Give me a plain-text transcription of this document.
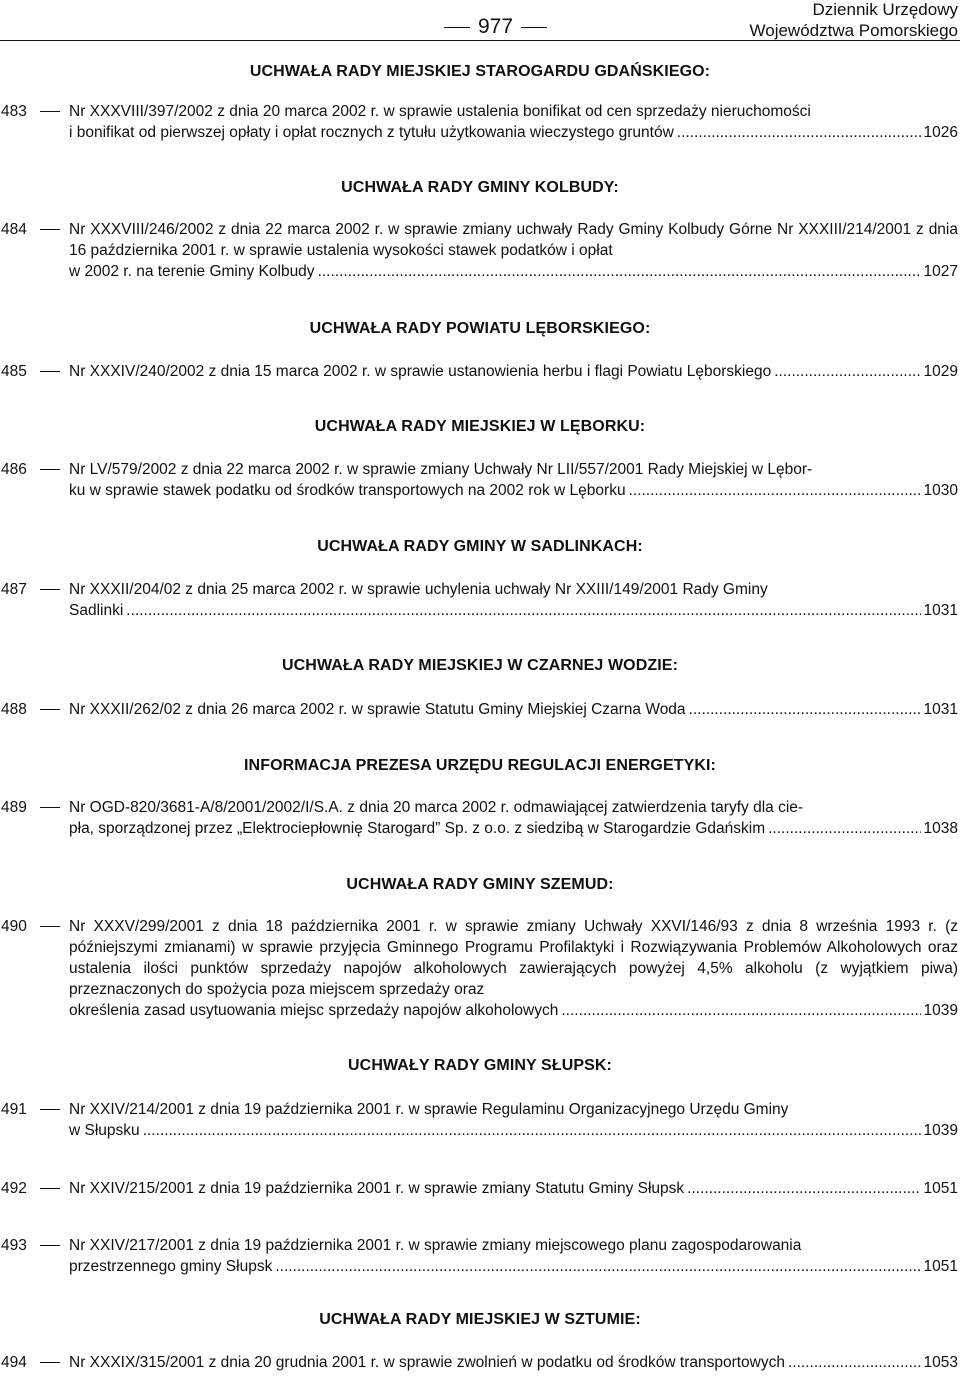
977
Dziennik Urzędowy
Województwa Pomorskiego
UCHWAŁA RADY MIEJSKIEJ STAROGARDU GDAŃSKIEGO:
483	Nr XXXVIII/397/2002 z dnia 20 marca 2002 r. w sprawie ustalenia bonifikat od cen sprzedaży nieruchomości
i bonifikat od pierwszej opłaty i opłat rocznych z tytułu użytkowania wieczystego gruntów .....	1026
UCHWAŁA RADY GMINY KOLBUDY:
484	Nr XXXVIII/246/2002 z dnia 22 marca 2002 r. w sprawie zmiany uchwały Rady Gminy Kolbudy Górne Nr XXXIII/214/2001 z dnia 16 października 2001 r. w sprawie ustalenia wysokości stawek podatków i opłat
w 2002 r. na terenie Gminy Kolbudy .....	1027
UCHWAŁA RADY POWIATU LĘBORSKIEGO:
485	Nr XXXIV/240/2002 z dnia 15 marca 2002 r. w sprawie ustanowienia herbu i flagi Powiatu Lęborskiego .....	1029
UCHWAŁA RADY MIEJSKIEJ W LĘBORKU:
486	Nr LV/579/2002 z dnia 22 marca 2002 r. w sprawie zmiany Uchwały Nr LII/557/2001 Rady Miejskiej w Lębor-
ku w sprawie stawek podatku od środków transportowych na 2002 rok w Lęborku .....	1030
UCHWAŁA RADY GMINY W SADLINKACH:
487	Nr XXXII/204/02 z dnia 25 marca 2002 r. w sprawie uchylenia uchwały Nr XXIII/149/2001 Rady Gminy
Sadlinki .....	1031
UCHWAŁA RADY MIEJSKIEJ W CZARNEJ WODZIE:
488	Nr XXXII/262/02 z dnia 26 marca 2002 r. w sprawie Statutu Gminy Miejskiej Czarna Woda .....	1031
INFORMACJA PREZESA URZĘDU REGULACJI ENERGETYKI:
489	Nr OGD-820/3681-A/8/2001/2002/I/S.A. z dnia 20 marca 2002 r. odmawiającej zatwierdzenia taryfy dla cie-
pła, sporządzonej przez „Elektrociepłownię Starogard” Sp. z o.o. z siedzibą w Starogardzie Gdańskim .....	1038
UCHWAŁA RADY GMINY SZEMUD:
490	Nr XXXV/299/2001 z dnia 18 października 2001 r. w sprawie zmiany Uchwały XXVI/146/93 z dnia 8 września 1993 r. (z późniejszymi zmianami) w sprawie przyjęcia Gminnego Programu Profilaktyki i Rozwiązywania Problemów Alkoholowych oraz ustalenia ilości punktów sprzedaży napojów alkoholowych zawierających powyżej 4,5% alkoholu (z wyjątkiem piwa) przeznaczonych do spożycia poza miejscem sprzedaży oraz
określenia zasad usytuowania miejsc sprzedaży napojów alkoholowych .....	1039
UCHWAŁY RADY GMINY SŁUPSK:
491	Nr XXIV/214/2001 z dnia 19 października 2001 r. w sprawie Regulaminu Organizacyjnego Urzędu Gminy
w Słupsku .....	1039
492	Nr XXIV/215/2001 z dnia 19 października 2001 r. w sprawie zmiany Statutu Gminy Słupsk .....	1051
493	Nr XXIV/217/2001 z dnia 19 października 2001 r. w sprawie zmiany miejscowego planu zagospodarowania
przestrzennego gminy Słupsk .....	1051
UCHWAŁA RADY MIEJSKIEJ W SZTUMIE:
494	Nr XXXIX/315/2001 z dnia 20 grudnia 2001 r. w sprawie zwolnień w podatku od środków transportowych .....	1053
